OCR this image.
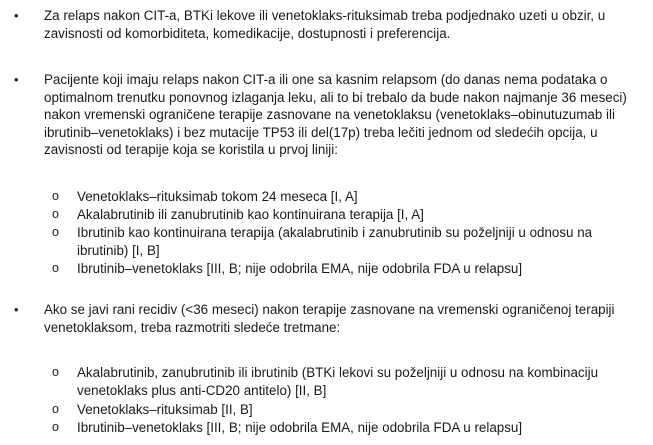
•	Za relaps nakon CIT-a, BTKi lekove ili venetoklaks-rituksimab treba podjednako uzeti u obzir, u zavisnosti od komorbiditeta, komedikacije, dostupnosti i preferencija.
•	Pacijente koji imaju relaps nakon CIT-a ili one sa kasnim relapsom (do danas nema podataka o optimalnom trenutku ponovnog izlaganja leku, ali to bi trebalo da bude nakon najmanje 36 meseci) nakon vremenski ograničene terapije zasnovane na venetoklaksu (venetoklaks–obinutuzumab ili ibrutinib–venetoklaks) i bez mutacije TP53 ili del(17p) treba lečiti jednom od sledećih opcija, u zavisnosti od terapije koja se koristila u prvoj liniji:
o Venetoklaks–rituksimab tokom 24 meseca [I, A]
o Akalabrutinib ili zanubrutinib kao kontinuirana terapija [I, A]
o Ibrutinib kao kontinuirana terapija (akalabrutinib i zanubrutinib su poželjniji u odnosu na ibrutinib) [I, B]
o Ibrutinib–venetoklaks [III, B; nije odobrila EMA, nije odobrila FDA u relapsu]
•	Ako se javi rani recidiv (<36 meseci) nakon terapije zasnovane na vremenski ograničenoj terapiji venetoklaksom, treba razmotriti sledeće tretmane:
o Akalabrutinib, zanubrutinib ili ibrutinib (BTKi lekovi su poželjniji u odnosu na kombinaciju venetoklaks plus anti-CD20 antitelo) [II, B]
o Venetoklaks–rituksimab [II, B]
o Ibrutinib–venetoklaks [III, B; nije odobrila EMA, nije odobrila FDA u relapsu]
